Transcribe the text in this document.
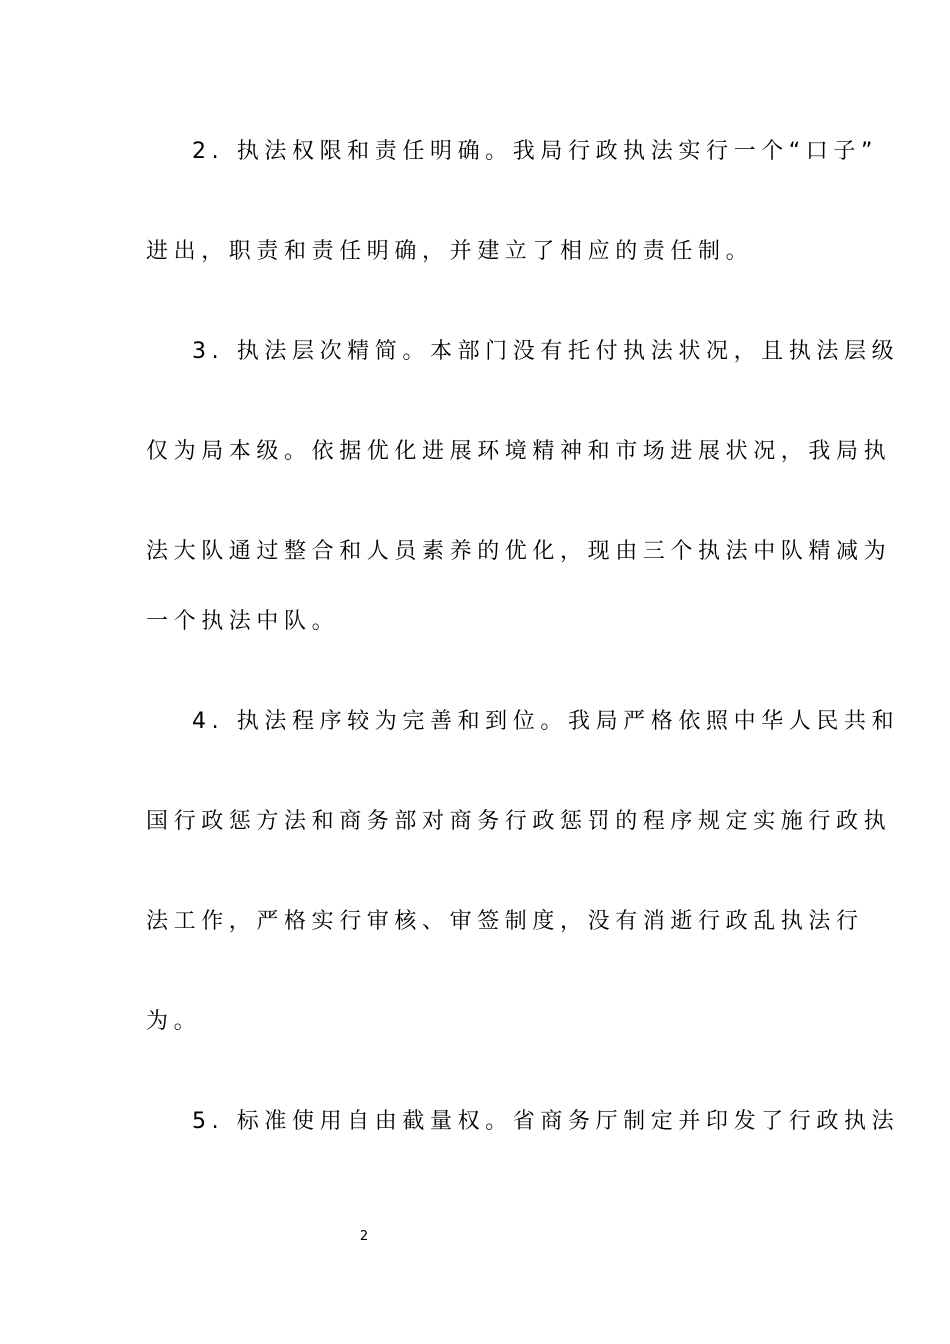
2. 执法权限和责任明确。我局行政执法实行一个“口子”
进出，职责和责任明确，并建立了相应的责任制。
3. 执法层次精简。本部门没有托付执法状况，且执法层级
仅为局本级。依据优化进展环境精神和市场进展状况，我局执
法大队通过整合和人员素养的优化，现由三个执法中队精减为
一个执法中队。
4. 执法程序较为完善和到位。我局严格依照中华人民共和
国行政惩方法和商务部对商务行政惩罚的程序规定实施行政执
法工作，严格实行审核、审签制度，没有消逝行政乱执法行
为。
5. 标准使用自由截量权。省商务厅制定并印发了行政执法
2
